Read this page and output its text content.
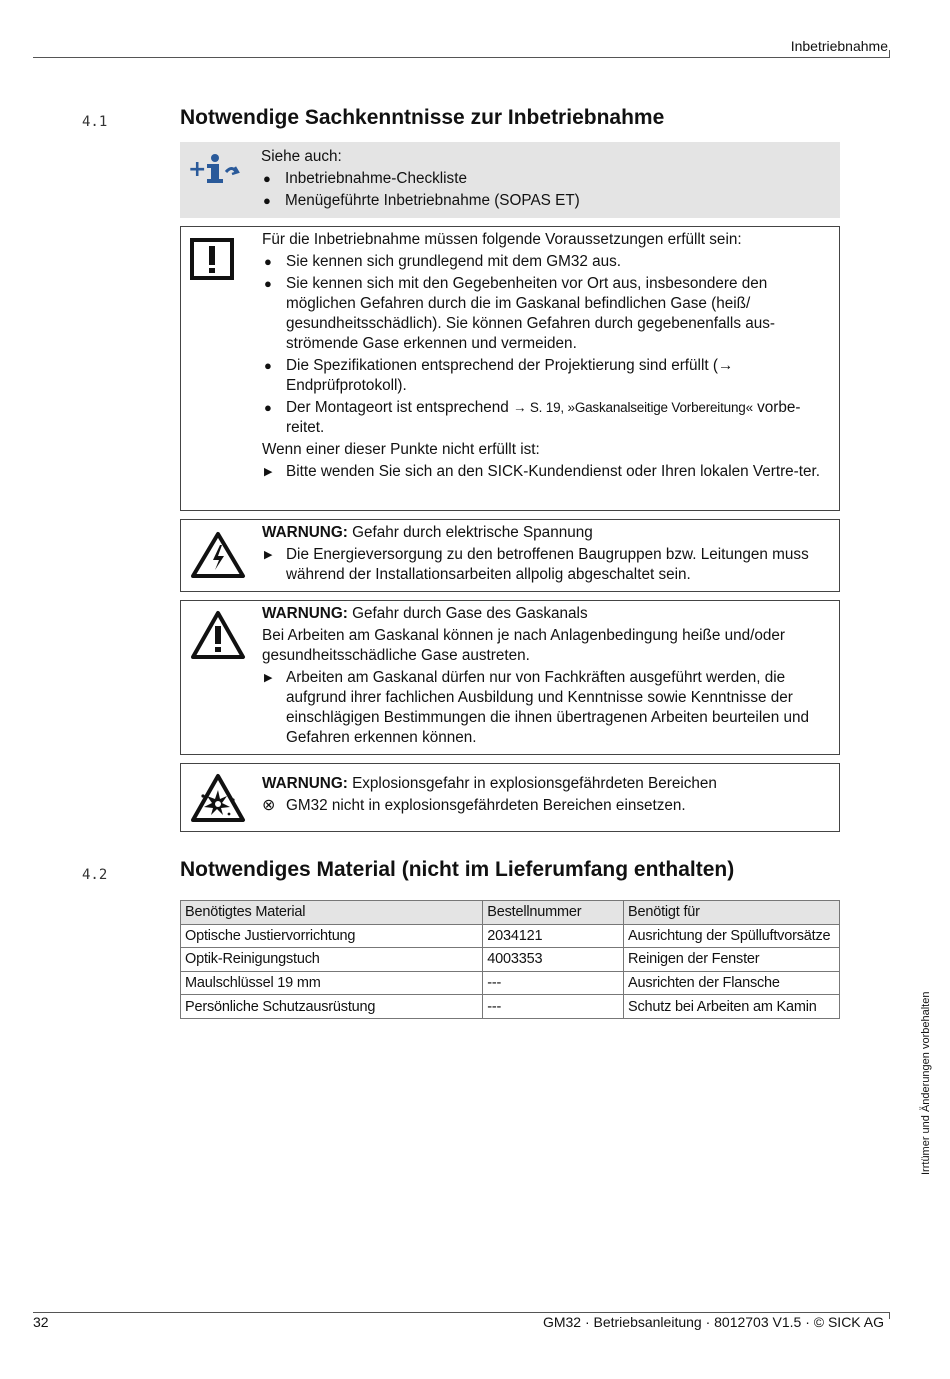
Inbetriebnahme
4.1	Notwendige Sachkenntnisse zur Inbetriebnahme
+
Siehe auch:
● Inbetriebnahme-Checkliste
● Menügeführte Inbetriebnahme (SOPAS ET)
Für die Inbetriebnahme müssen folgende Voraussetzungen erfüllt sein:
● Sie kennen sich grundlegend mit dem GM32 aus.
● Sie kennen sich mit den Gegebenheiten vor Ort aus, insbesondere den möglichen Gefahren durch die im Gaskanal befindlichen Gase (heiß/ gesundheitsschädlich). Sie können Gefahren durch gegebenenfalls aus-strömende Gase erkennen und vermeiden.
● Die Spezifikationen entsprechend der Projektierung sind erfüllt (→ Endprüfprotokoll).
● Der Montageort ist entsprechend → S. 19, »Gaskanalseitige Vorbereitung« vorbe-reitet.
Wenn einer dieser Punkte nicht erfüllt ist:
▶ Bitte wenden Sie sich an den SICK-Kundendienst oder Ihren lokalen Vertre-ter.
WARNUNG: Gefahr durch elektrische Spannung
▶ Die Energieversorgung zu den betroffenen Baugruppen bzw. Leitungen muss während der Installationsarbeiten allpolig abgeschaltet sein.
WARNUNG: Gefahr durch Gase des Gaskanals
Bei Arbeiten am Gaskanal können je nach Anlagenbedingung heiße und/oder gesundheitsschädliche Gase austreten.
▶ Arbeiten am Gaskanal dürfen nur von Fachkräften ausgeführt werden, die aufgrund ihrer fachlichen Ausbildung und Kenntnisse sowie Kenntnisse der einschlägigen Bestimmungen die ihnen übertragenen Arbeiten beurteilen und Gefahren erkennen können.
WARNUNG: Explosionsgefahr in explosionsgefährdeten Bereichen
⊗ GM32 nicht in explosionsgefährdeten Bereichen einsetzen.
4.2	Notwendiges Material (nicht im Lieferumfang enthalten)
Benötigtes Material	Bestellnummer	Benötigt für
Optische Justiervorrichtung	2034121	Ausrichtung der Spülluftvorsätze
Optik-Reinigungstuch	4003353	Reinigen der Fenster
Maulschlüssel 19 mm	---	Ausrichten der Flansche
Persönliche Schutzausrüstung	---	Schutz bei Arbeiten am Kamin	Irrtümer und Änderungen vorbehalten
32	GM32 · Betriebsanleitung · 8012703 V1.5 · © SICK AG
